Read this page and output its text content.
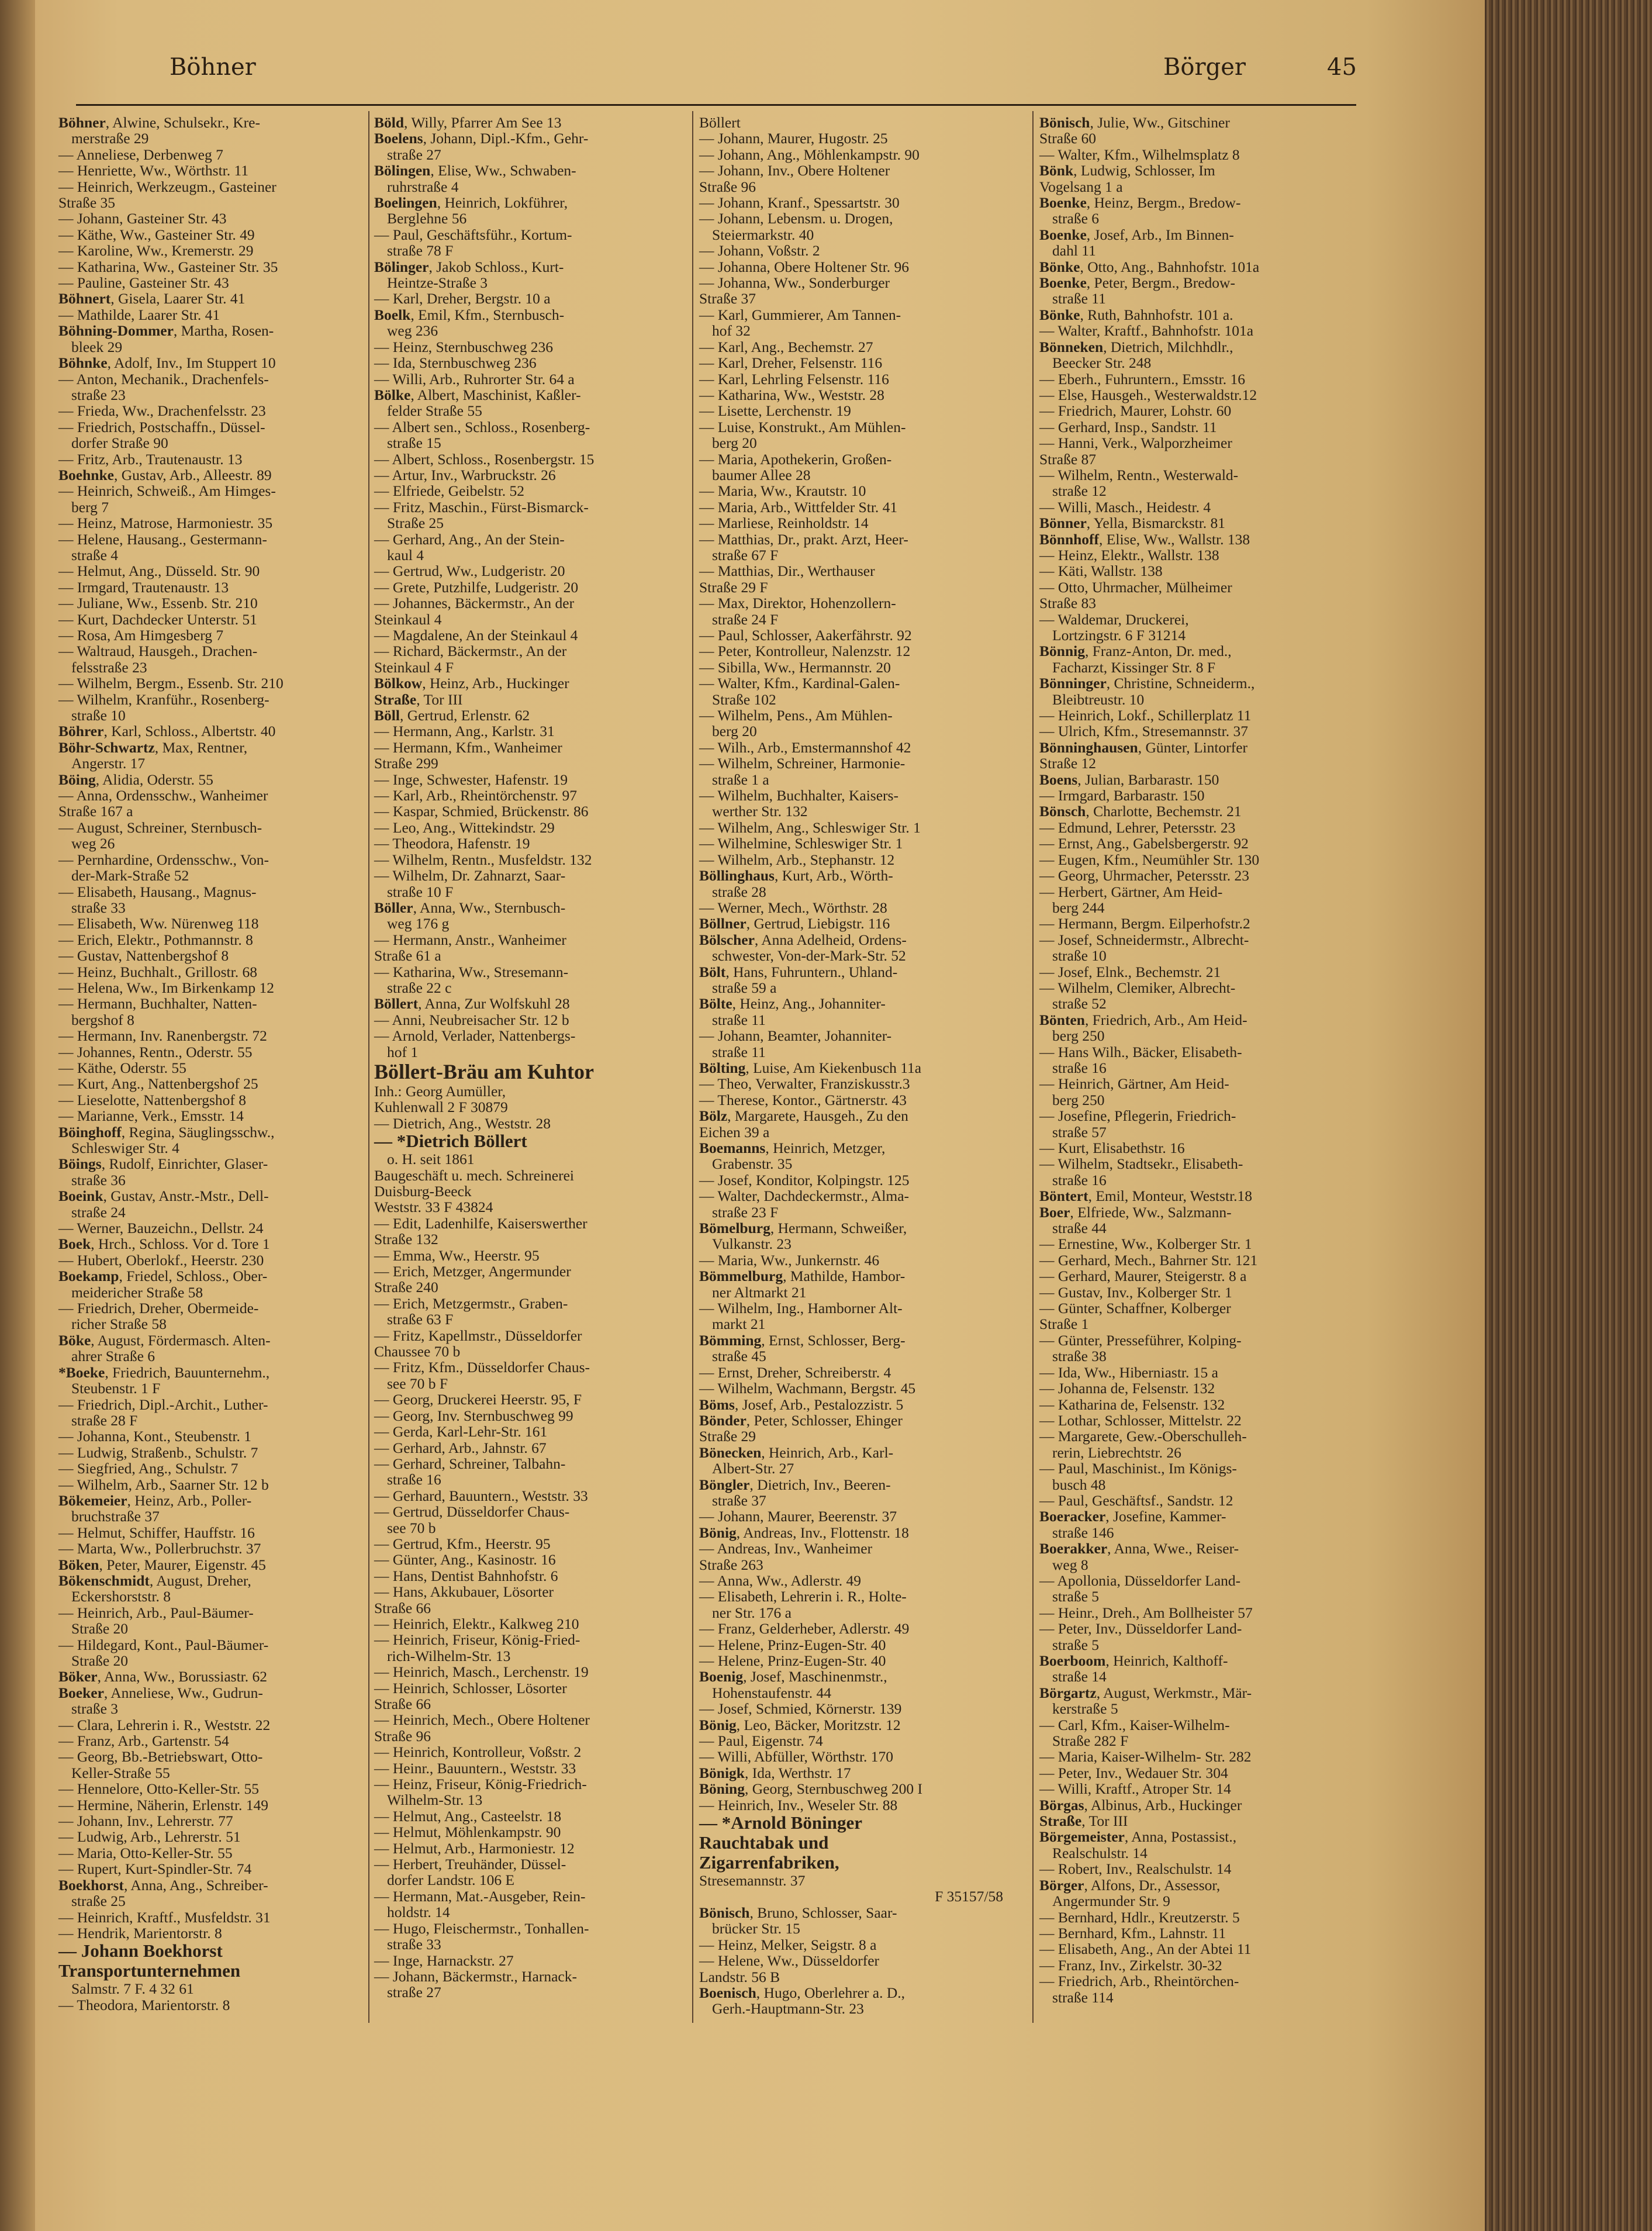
Böhner	Börger	45
Böhner, Alwine, Schulsekr., Kre-
merstraße 29
— Anneliese, Derbenweg 7
— Henriette, Ww., Wörthstr. 11
— Heinrich, Werkzeugm., Gasteiner
Straße 35
— Johann, Gasteiner Str. 43
— Käthe, Ww., Gasteiner Str. 49
— Karoline, Ww., Kremerstr. 29
— Katharina, Ww., Gasteiner Str. 35
— Pauline, Gasteiner Str. 43
Böhnert, Gisela, Laarer Str. 41
— Mathilde, Laarer Str. 41
Böhning-Dommer, Martha, Rosen-
bleek 29
Böhnke, Adolf, Inv., Im Stuppert 10
— Anton, Mechanik., Drachenfels-
straße 23
— Frieda, Ww., Drachenfelsstr. 23
— Friedrich, Postschaffn., Düssel-
dorfer Straße 90
— Fritz, Arb., Trautenaustr. 13
Boehnke, Gustav, Arb., Alleestr. 89
— Heinrich, Schweiß., Am Himges-
berg 7
— Heinz, Matrose, Harmoniestr. 35
— Helene, Hausang., Gestermann-
straße 4
— Helmut, Ang., Düsseld. Str. 90
— Irmgard, Trautenaustr. 13
— Juliane, Ww., Essenb. Str. 210
— Kurt, Dachdecker Unterstr. 51
— Rosa, Am Himgesberg 7
— Waltraud, Hausgeh., Drachen-
felsstraße 23
— Wilhelm, Bergm., Essenb. Str. 210
— Wilhelm, Kranführ., Rosenberg-
straße 10
Böhrer, Karl, Schloss., Albertstr. 40
Böhr-Schwartz, Max, Rentner,
Angerstr. 17
Böing, Alidia, Oderstr. 55
— Anna, Ordensschw., Wanheimer
Straße 167 a
— August, Schreiner, Sternbusch-
weg 26
— Pernhardine, Ordensschw., Von-
der-Mark-Straße 52
— Elisabeth, Hausang., Magnus-
straße 33
— Elisabeth, Ww. Nürenweg 118
— Erich, Elektr., Pothmannstr. 8
— Gustav, Nattenbergshof 8
— Heinz, Buchhalt., Grillostr. 68
— Helena, Ww., Im Birkenkamp 12
— Hermann, Buchhalter, Natten-
bergshof 8
— Hermann, Inv. Ranenbergstr. 72
— Johannes, Rentn., Oderstr. 55
— Käthe, Oderstr. 55
— Kurt, Ang., Nattenbergshof 25
— Lieselotte, Nattenbergshof 8
— Marianne, Verk., Emsstr. 14
Böinghoff, Regina, Säuglingsschw.,
Schleswiger Str. 4
Böings, Rudolf, Einrichter, Glaser-
straße 36
Boeink, Gustav, Anstr.-Mstr., Dell-
straße 24
— Werner, Bauzeichn., Dellstr. 24
Boek, Hrch., Schloss. Vor d. Tore 1
— Hubert, Oberlokf., Heerstr. 230
Boekamp, Friedel, Schloss., Ober-
meidericher Straße 58
— Friedrich, Dreher, Obermeide-
richer Straße 58
Böke, August, Fördermasch. Alten-
ahrer Straße 6
*Boeke, Friedrich, Bauunternehm.,
Steubenstr. 1 F
— Friedrich, Dipl.-Archit., Luther-
straße 28 F
— Johanna, Kont., Steubenstr. 1
— Ludwig, Straßenb., Schulstr. 7
— Siegfried, Ang., Schulstr. 7
— Wilhelm, Arb., Saarner Str. 12 b
Bökemeier, Heinz, Arb., Poller-
bruchstraße 37
— Helmut, Schiffer, Hauffstr. 16
— Marta, Ww., Pollerbruchstr. 37
Böken, Peter, Maurer, Eigenstr. 45
Bökenschmidt, August, Dreher,
Eckershorststr. 8
— Heinrich, Arb., Paul-Bäumer-
Straße 20
— Hildegard, Kont., Paul-Bäumer-
Straße 20
Böker, Anna, Ww., Borussiastr. 62
Boeker, Anneliese, Ww., Gudrun-
straße 3
— Clara, Lehrerin i. R., Weststr. 22
— Franz, Arb., Gartenstr. 54
— Georg, Bb.-Betriebswart, Otto-
Keller-Straße 55
— Hennelore, Otto-Keller-Str. 55
— Hermine, Näherin, Erlenstr. 149
— Johann, Inv., Lehrerstr. 77
— Ludwig, Arb., Lehrerstr. 51
— Maria, Otto-Keller-Str. 55
— Rupert, Kurt-Spindler-Str. 74
Boekhorst, Anna, Ang., Schreiber-
straße 25
— Heinrich, Kraftf., Musfeldstr. 31
— Hendrik, Marientorstr. 8
— Johann Boekhorst
Transportunternehmen
Salmstr. 7 F. 4 32 61
— Theodora, Marientorstr. 8
Böld, Willy, Pfarrer Am See 13
Boelens, Johann, Dipl.-Kfm., Gehr-
straße 27
Bölingen, Elise, Ww., Schwaben-
ruhrstraße 4
Boelingen, Heinrich, Lokführer,
Berglehne 56
— Paul, Geschäftsführ., Kortum-
straße 78 F
Bölinger, Jakob Schloss., Kurt-
Heintze-Straße 3
— Karl, Dreher, Bergstr. 10 a
Boelk, Emil, Kfm., Sternbusch-
weg 236
— Heinz, Sternbuschweg 236
— Ida, Sternbuschweg 236
— Willi, Arb., Ruhrorter Str. 64 a
Bölke, Albert, Maschinist, Kaßler-
felder Straße 55
— Albert sen., Schloss., Rosenberg-
straße 15
— Albert, Schloss., Rosenbergstr. 15
— Artur, Inv., Warbruckstr. 26
— Elfriede, Geibelstr. 52
— Fritz, Maschin., Fürst-Bismarck-
Straße 25
— Gerhard, Ang., An der Stein-
kaul 4
— Gertrud, Ww., Ludgeristr. 20
— Grete, Putzhilfe, Ludgeristr. 20
— Johannes, Bäckermstr., An der
Steinkaul 4
— Magdalene, An der Steinkaul 4
— Richard, Bäckermstr., An der
Steinkaul 4 F
Bölkow, Heinz, Arb., Huckinger
Straße, Tor III
Böll, Gertrud, Erlenstr. 62
— Hermann, Ang., Karlstr. 31
— Hermann, Kfm., Wanheimer
Straße 299
— Inge, Schwester, Hafenstr. 19
— Karl, Arb., Rheintörchenstr. 97
— Kaspar, Schmied, Brückenstr. 86
— Leo, Ang., Wittekindstr. 29
— Theodora, Hafenstr. 19
— Wilhelm, Rentn., Musfeldstr. 132
— Wilhelm, Dr. Zahnarzt, Saar-
straße 10 F
Böller, Anna, Ww., Sternbusch-
weg 176 g
— Hermann, Anstr., Wanheimer
Straße 61 a
— Katharina, Ww., Stresemann-
straße 22 c
Böllert, Anna, Zur Wolfskuhl 28
— Anni, Neubreisacher Str. 12 b
— Arnold, Verlader, Nattenbergs-
hof 1
Böllert-Bräu am Kuhtor
Inh.: Georg Aumüller,
Kuhlenwall 2 F 30879
— Dietrich, Ang., Weststr. 28
— *Dietrich Böllert
o. H. seit 1861
Baugeschäft u. mech. Schreinerei
Duisburg-Beeck
Weststr. 33 F 43824
— Edit, Ladenhilfe, Kaiserswerther
Straße 132
— Emma, Ww., Heerstr. 95
— Erich, Metzger, Angermunder
Straße 240
— Erich, Metzgermstr., Graben-
straße 63 F
— Fritz, Kapellmstr., Düsseldorfer
Chaussee 70 b
— Fritz, Kfm., Düsseldorfer Chaus-
see 70 b F
— Georg, Druckerei Heerstr. 95, F
— Georg, Inv. Sternbuschweg 99
— Gerda, Karl-Lehr-Str. 161
— Gerhard, Arb., Jahnstr. 67
— Gerhard, Schreiner, Talbahn-
straße 16
— Gerhard, Bauuntern., Weststr. 33
— Gertrud, Düsseldorfer Chaus-
see 70 b
— Gertrud, Kfm., Heerstr. 95
— Günter, Ang., Kasinostr. 16
— Hans, Dentist Bahnhofstr. 6
— Hans, Akkubauer, Lösorter
Straße 66
— Heinrich, Elektr., Kalkweg 210
— Heinrich, Friseur, König-Fried-
rich-Wilhelm-Str. 13
— Heinrich, Masch., Lerchenstr. 19
— Heinrich, Schlosser, Lösorter
Straße 66
— Heinrich, Mech., Obere Holtener
Straße 96
— Heinrich, Kontrolleur, Voßstr. 2
— Heinr., Bauuntern., Weststr. 33
— Heinz, Friseur, König-Friedrich-
Wilhelm-Str. 13
— Helmut, Ang., Casteelstr. 18
— Helmut, Möhlenkampstr. 90
— Helmut, Arb., Harmoniestr. 12
— Herbert, Treuhänder, Düssel-
dorfer Landstr. 106 E
— Hermann, Mat.-Ausgeber, Rein-
holdstr. 14
— Hugo, Fleischermstr., Tonhallen-
straße 33
— Inge, Harnackstr. 27
— Johann, Bäckermstr., Harnack-
straße 27
Böllert
— Johann, Maurer, Hugostr. 25
— Johann, Ang., Möhlenkampstr. 90
— Johann, Inv., Obere Holtener
Straße 96
— Johann, Kranf., Spessartstr. 30
— Johann, Lebensm. u. Drogen,
Steiermarkstr. 40
— Johann, Voßstr. 2
— Johanna, Obere Holtener Str. 96
— Johanna, Ww., Sonderburger
Straße 37
— Karl, Gummierer, Am Tannen-
hof 32
— Karl, Ang., Bechemstr. 27
— Karl, Dreher, Felsenstr. 116
— Karl, Lehrling Felsenstr. 116
— Katharina, Ww., Weststr. 28
— Lisette, Lerchenstr. 19
— Luise, Konstrukt., Am Mühlen-
berg 20
— Maria, Apothekerin, Großen-
baumer Allee 28
— Maria, Ww., Krautstr. 10
— Maria, Arb., Wittfelder Str. 41
— Marliese, Reinholdstr. 14
— Matthias, Dr., prakt. Arzt, Heer-
straße 67 F
— Matthias, Dir., Werthauser
Straße 29 F
— Max, Direktor, Hohenzollern-
straße 24 F
— Paul, Schlosser, Aakerfährstr. 92
— Peter, Kontrolleur, Nalenzstr. 12
— Sibilla, Ww., Hermannstr. 20
— Walter, Kfm., Kardinal-Galen-
Straße 102
— Wilhelm, Pens., Am Mühlen-
berg 20
— Wilh., Arb., Emstermannshof 42
— Wilhelm, Schreiner, Harmonie-
straße 1 a
— Wilhelm, Buchhalter, Kaisers-
werther Str. 132
— Wilhelm, Ang., Schleswiger Str. 1
— Wilhelmine, Schleswiger Str. 1
— Wilhelm, Arb., Stephanstr. 12
Böllinghaus, Kurt, Arb., Wörth-
straße 28
— Werner, Mech., Wörthstr. 28
Böllner, Gertrud, Liebigstr. 116
Bölscher, Anna Adelheid, Ordens-
schwester, Von-der-Mark-Str. 52
Bölt, Hans, Fuhruntern., Uhland-
straße 59 a
Bölte, Heinz, Ang., Johanniter-
straße 11
— Johann, Beamter, Johanniter-
straße 11
Bölting, Luise, Am Kiekenbusch 11a
— Theo, Verwalter, Franziskusstr.3
— Therese, Kontor., Gärtnerstr. 43
Bölz, Margarete, Hausgeh., Zu den
Eichen 39 a
Boemanns, Heinrich, Metzger,
Grabenstr. 35
— Josef, Konditor, Kolpingstr. 125
— Walter, Dachdeckermstr., Alma-
straße 23 F
Bömelburg, Hermann, Schweißer,
Vulkanstr. 23
— Maria, Ww., Junkernstr. 46
Bömmelburg, Mathilde, Hambor-
ner Altmarkt 21
— Wilhelm, Ing., Hamborner Alt-
markt 21
Bömming, Ernst, Schlosser, Berg-
straße 45
— Ernst, Dreher, Schreiberstr. 4
— Wilhelm, Wachmann, Bergstr. 45
Böms, Josef, Arb., Pestalozzistr. 5
Bönder, Peter, Schlosser, Ehinger
Straße 29
Bönecken, Heinrich, Arb., Karl-
Albert-Str. 27
Böngler, Dietrich, Inv., Beeren-
straße 37
— Johann, Maurer, Beerenstr. 37
Bönig, Andreas, Inv., Flottenstr. 18
— Andreas, Inv., Wanheimer
Straße 263
— Anna, Ww., Adlerstr. 49
— Elisabeth, Lehrerin i. R., Holte-
ner Str. 176 a
— Franz, Gelderheber, Adlerstr. 49
— Helene, Prinz-Eugen-Str. 40
— Helene, Prinz-Eugen-Str. 40
Boenig, Josef, Maschinenmstr.,
Hohenstaufenstr. 44
— Josef, Schmied, Körnerstr. 139
Bönig, Leo, Bäcker, Moritzstr. 12
— Paul, Eigenstr. 74
— Willi, Abfüller, Wörthstr. 170
Bönigk, Ida, Werthstr. 17
Böning, Georg, Sternbuschweg 200 I
— Heinrich, Inv., Weseler Str. 88
— *Arnold Böninger
Rauchtabak und
Zigarrenfabriken,
Stresemannstr. 37
F 35157/58
Bönisch, Bruno, Schlosser, Saar-
brücker Str. 15
— Heinz, Melker, Seigstr. 8 a
— Helene, Ww., Düsseldorfer
Landstr. 56 B
Boenisch, Hugo, Oberlehrer a. D.,
Gerh.-Hauptmann-Str. 23
Bönisch, Julie, Ww., Gitschiner
Straße 60
— Walter, Kfm., Wilhelmsplatz 8
Bönk, Ludwig, Schlosser, Im
Vogelsang 1 a
Boenke, Heinz, Bergm., Bredow-
straße 6
Boenke, Josef, Arb., Im Binnen-
dahl 11
Bönke, Otto, Ang., Bahnhofstr. 101a
Boenke, Peter, Bergm., Bredow-
straße 11
Bönke, Ruth, Bahnhofstr. 101 a.
— Walter, Kraftf., Bahnhofstr. 101a
Bönneken, Dietrich, Milchhdlr.,
Beecker Str. 248
— Eberh., Fuhruntern., Emsstr. 16
— Else, Hausgeh., Westerwaldstr.12
— Friedrich, Maurer, Lohstr. 60
— Gerhard, Insp., Sandstr. 11
— Hanni, Verk., Walporzheimer
Straße 87
— Wilhelm, Rentn., Westerwald-
straße 12
— Willi, Masch., Heidestr. 4
Bönner, Yella, Bismarckstr. 81
Bönnhoff, Elise, Ww., Wallstr. 138
— Heinz, Elektr., Wallstr. 138
— Käti, Wallstr. 138
— Otto, Uhrmacher, Mülheimer
Straße 83
— Waldemar, Druckerei,
Lortzingstr. 6 F 31214
Bönnig, Franz-Anton, Dr. med.,
Facharzt, Kissinger Str. 8 F
Bönninger, Christine, Schneiderm.,
Bleibtreustr. 10
— Heinrich, Lokf., Schillerplatz 11
— Ulrich, Kfm., Stresemannstr. 37
Bönninghausen, Günter, Lintorfer
Straße 12
Boens, Julian, Barbarastr. 150
— Irmgard, Barbarastr. 150
Bönsch, Charlotte, Bechemstr. 21
— Edmund, Lehrer, Petersstr. 23
— Ernst, Ang., Gabelsbergerstr. 92
— Eugen, Kfm., Neumühler Str. 130
— Georg, Uhrmacher, Petersstr. 23
— Herbert, Gärtner, Am Heid-
berg 244
— Hermann, Bergm. Eilperhofstr.2
— Josef, Schneidermstr., Albrecht-
straße 10
— Josef, Elnk., Bechemstr. 21
— Wilhelm, Clemiker, Albrecht-
straße 52
Bönten, Friedrich, Arb., Am Heid-
berg 250
— Hans Wilh., Bäcker, Elisabeth-
straße 16
— Heinrich, Gärtner, Am Heid-
berg 250
— Josefine, Pflegerin, Friedrich-
straße 57
— Kurt, Elisabethstr. 16
— Wilhelm, Stadtsekr., Elisabeth-
straße 16
Böntert, Emil, Monteur, Weststr.18
Boer, Elfriede, Ww., Salzmann-
straße 44
— Ernestine, Ww., Kolberger Str. 1
— Gerhard, Mech., Bahrner Str. 121
— Gerhard, Maurer, Steigerstr. 8 a
— Gustav, Inv., Kolberger Str. 1
— Günter, Schaffner, Kolberger
Straße 1
— Günter, Presseführer, Kolping-
straße 38
— Ida, Ww., Hiberniastr. 15 a
— Johanna de, Felsenstr. 132
— Katharina de, Felsenstr. 132
— Lothar, Schlosser, Mittelstr. 22
— Margarete, Gew.-Oberschulleh-
rerin, Liebrechtstr. 26
— Paul, Maschinist., Im Königs-
busch 48
— Paul, Geschäftsf., Sandstr. 12
Boeracker, Josefine, Kammer-
straße 146
Boerakker, Anna, Wwe., Reiser-
weg 8
— Apollonia, Düsseldorfer Land-
straße 5
— Heinr., Dreh., Am Bollheister 57
— Peter, Inv., Düsseldorfer Land-
straße 5
Boerboom, Heinrich, Kalthoff-
straße 14
Börgartz, August, Werkmstr., Mär-
kerstraße 5
— Carl, Kfm., Kaiser-Wilhelm-
Straße 282 F
— Maria, Kaiser-Wilhelm- Str. 282
— Peter, Inv., Wedauer Str. 304
— Willi, Kraftf., Atroper Str. 14
Börgas, Albinus, Arb., Huckinger
Straße, Tor III
Börgemeister, Anna, Postassist.,
Realschulstr. 14
— Robert, Inv., Realschulstr. 14
Börger, Alfons, Dr., Assessor,
Angermunder Str. 9
— Bernhard, Hdlr., Kreutzerstr. 5
— Bernhard, Kfm., Lahnstr. 11
— Elisabeth, Ang., An der Abtei 11
— Franz, Inv., Zirkelstr. 30-32
— Friedrich, Arb., Rheintörchen-
straße 114
